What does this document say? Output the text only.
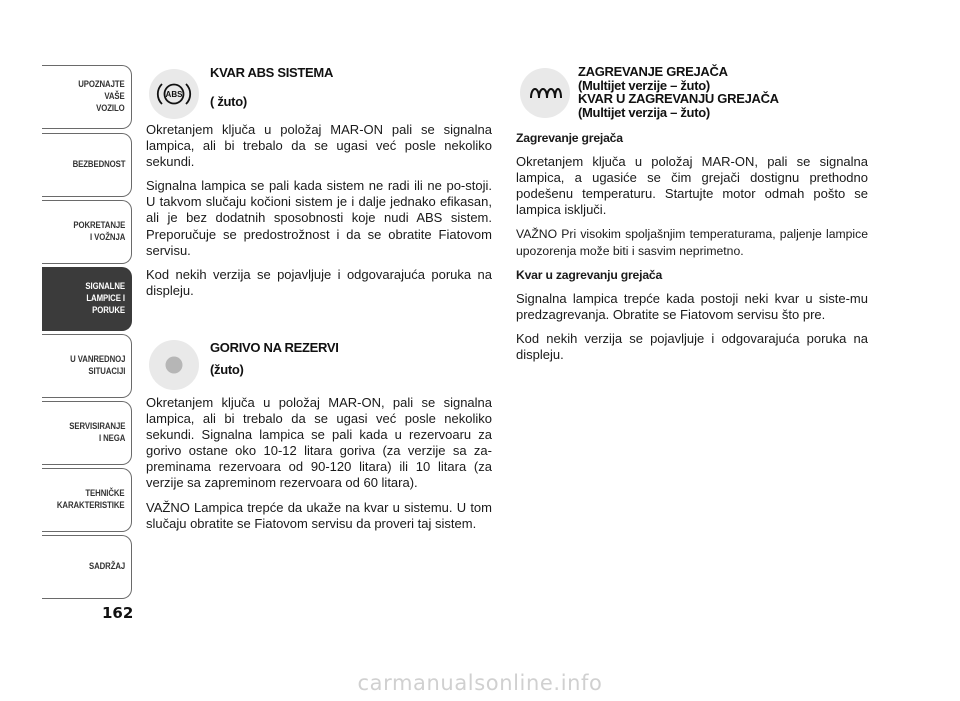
UPOZNAJTE
VAŠE
VOZILO
BEZBEDNOST
POKRETANJE
I VOŽNJA
SIGNALNE
LAMPICE I PORUKE
U VANREDNOJ
SITUACIJI
SERVISIRANJE
I NEGA
TEHNIČKE
KARAKTERISTIKE
SADRŽAJ
162
ABS
KVAR ABS SISTEMA
( žuto)

Okretanjem ključa u položaj MAR-ON pali se signalna lampica, ali bi trebalo da se ugasi već posle nekoliko sekundi.

Signalna lampica se pali kada sistem ne radi ili ne po-stoji. U takvom slučaju kočioni sistem je i dalje jednako efikasan, ali je bez dodatnih sposobnosti koje nudi ABS sistem. Preporučuje se predostrožnost i da se obratite Fiatovom servisu.

Kod nekih verzija se pojavljuje i odgovarajuća poruka na displeju.

GORIVO NA REZERVI
(žuto)

Okretanjem ključa u položaj MAR-ON, pali se signalna lampica, ali bi trebalo da se ugasi već posle nekoliko sekundi. Signalna lampica se pali kada u rezervoaru za gorivo ostane oko 10-12 litara goriva (za verzije sa za-preminama rezervoara od 90-120 litara) ili 10 litara (za verzije sa zapreminom rezervoara od 60 litara).

VAŽNO Lampica trepće da ukaže na kvar u sistemu. U tom slučaju obratite se Fiatovom servisu da proveri taj sistem.

ZAGREVANJE GREJAČA
(Multijet verzije – žuto)
KVAR U ZAGREVANJU GREJAČA
(Multijet verzija – žuto)

Zagrevanje grejača

Okretanjem ključa u položaj MAR-ON, pali se signalna lampica, a ugasiće se čim grejači dostignu prethodno podešenu temperaturu. Startujte motor odmah pošto se lampica isključi.

VAŽNO Pri visokim spoljašnjim temperaturama, paljenje lampice upozorenja može biti i sasvim neprimetno.

Kvar u zagrevanju grejača

Signalna lampica trepće kada postoji neki kvar u siste-mu predzagrevanja. Obratite se Fiatovom servisu što pre.

Kod nekih verzija se pojavljuje i odgovarajuća poruka na displeju.

carmanualsonline.info
